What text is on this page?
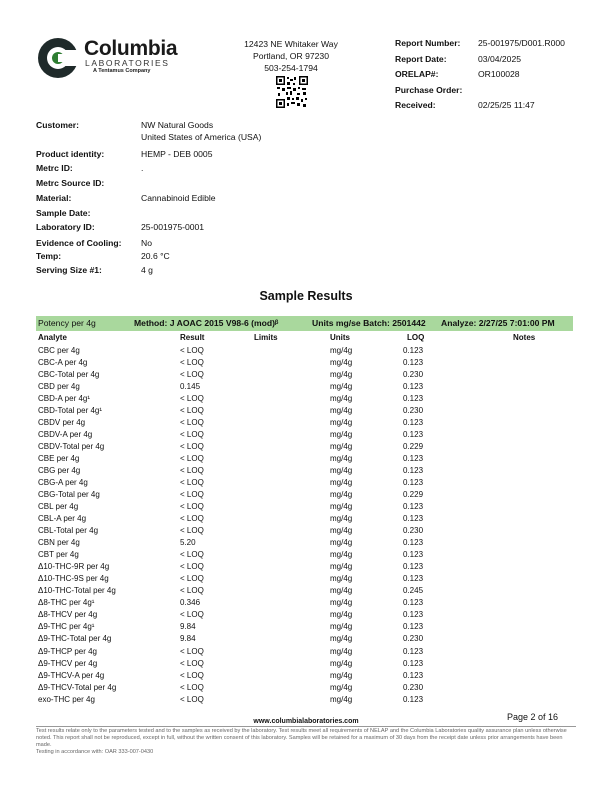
Columbia
LABORATORIES
A Tentamus Company
12423 NE Whitaker Way
Portland, OR 97230
503-254-1794
Report Number: 25-001975/D001.R000
Report Date:	03/04/2025
ORELAP#:	OR100028
Purchase Order:
Received:	02/25/25 11:47
Customer:	NW Natural Goods
United States of America (USA)
Product identity:	HEMP - DEB 0005
Metrc ID:	.
Metrc Source ID:
Material:	Cannabinoid Edible
Sample Date:
Laboratory ID:	25-001975-0001
Evidence of Cooling: No
Temp:	20.6 °C
Serving Size #1:	4 g
Sample Results
Potency per 4g	Method: J AOAC 2015 V98-6 (mod)ᵝ	Units mg/se Batch: 2501442 Analyze: 2/27/25 7:01:00 PM
Analyte	Result	Limits	Units	LOQ	Notes
CBC per 4g	< LOQ	mg/4g	0.123
CBC-A per 4g	< LOQ	mg/4g	0.123
CBC-Total per 4g	< LOQ	mg/4g	0.230
CBD per 4g	0.145	mg/4g	0.123
CBD-A per 4g¹	< LOQ	mg/4g	0.123
CBD-Total per 4g¹	< LOQ	mg/4g	0.230
CBDV per 4g	< LOQ	mg/4g	0.123
CBDV-A per 4g	< LOQ	mg/4g	0.123
CBDV-Total per 4g	< LOQ	mg/4g	0.229
CBE per 4g	< LOQ	mg/4g	0.123
CBG per 4g	< LOQ	mg/4g	0.123
CBG-A per 4g	< LOQ	mg/4g	0.123
CBG-Total per 4g	< LOQ	mg/4g	0.229
CBL per 4g	< LOQ	mg/4g	0.123
CBL-A per 4g	< LOQ	mg/4g	0.123
CBL-Total per 4g	< LOQ	mg/4g	0.230
CBN per 4g	5.20	mg/4g	0.123
CBT per 4g	< LOQ	mg/4g	0.123
Δ10-THC-9R per 4g	< LOQ	mg/4g	0.123
Δ10-THC-9S per 4g	< LOQ	mg/4g	0.123
Δ10-THC-Total per 4g	< LOQ	mg/4g	0.245
Δ8-THC per 4g¹	0.346	mg/4g	0.123
Δ8-THCV per 4g	< LOQ	mg/4g	0.123
Δ9-THC per 4g¹	9.84	mg/4g	0.123
Δ9-THC-Total per 4g	9.84	mg/4g	0.230
Δ9-THCP per 4g	< LOQ	mg/4g	0.123
Δ9-THCV per 4g	< LOQ	mg/4g	0.123
Δ9-THCV-A per 4g	< LOQ	mg/4g	0.123
Δ9-THCV-Total per 4g	< LOQ	mg/4g	0.230
exo-THC per 4g	< LOQ	mg/4g	0.123
www.columbialaboratories.com	Page 2 of 16
Test results relate only to the parameters tested and to the samples as received by the laboratory. Test results meet all requirements of NELAP and the Columbia Laboratories quality assurance plan unless otherwise noted. This report shall not be reproduced, except in full, without the written consent of this laboratory. Samples will be retained for a maximum of 30 days from the receipt date unless prior arrangements have been made.
Testing in accordance with: OAR 333-007-0430
